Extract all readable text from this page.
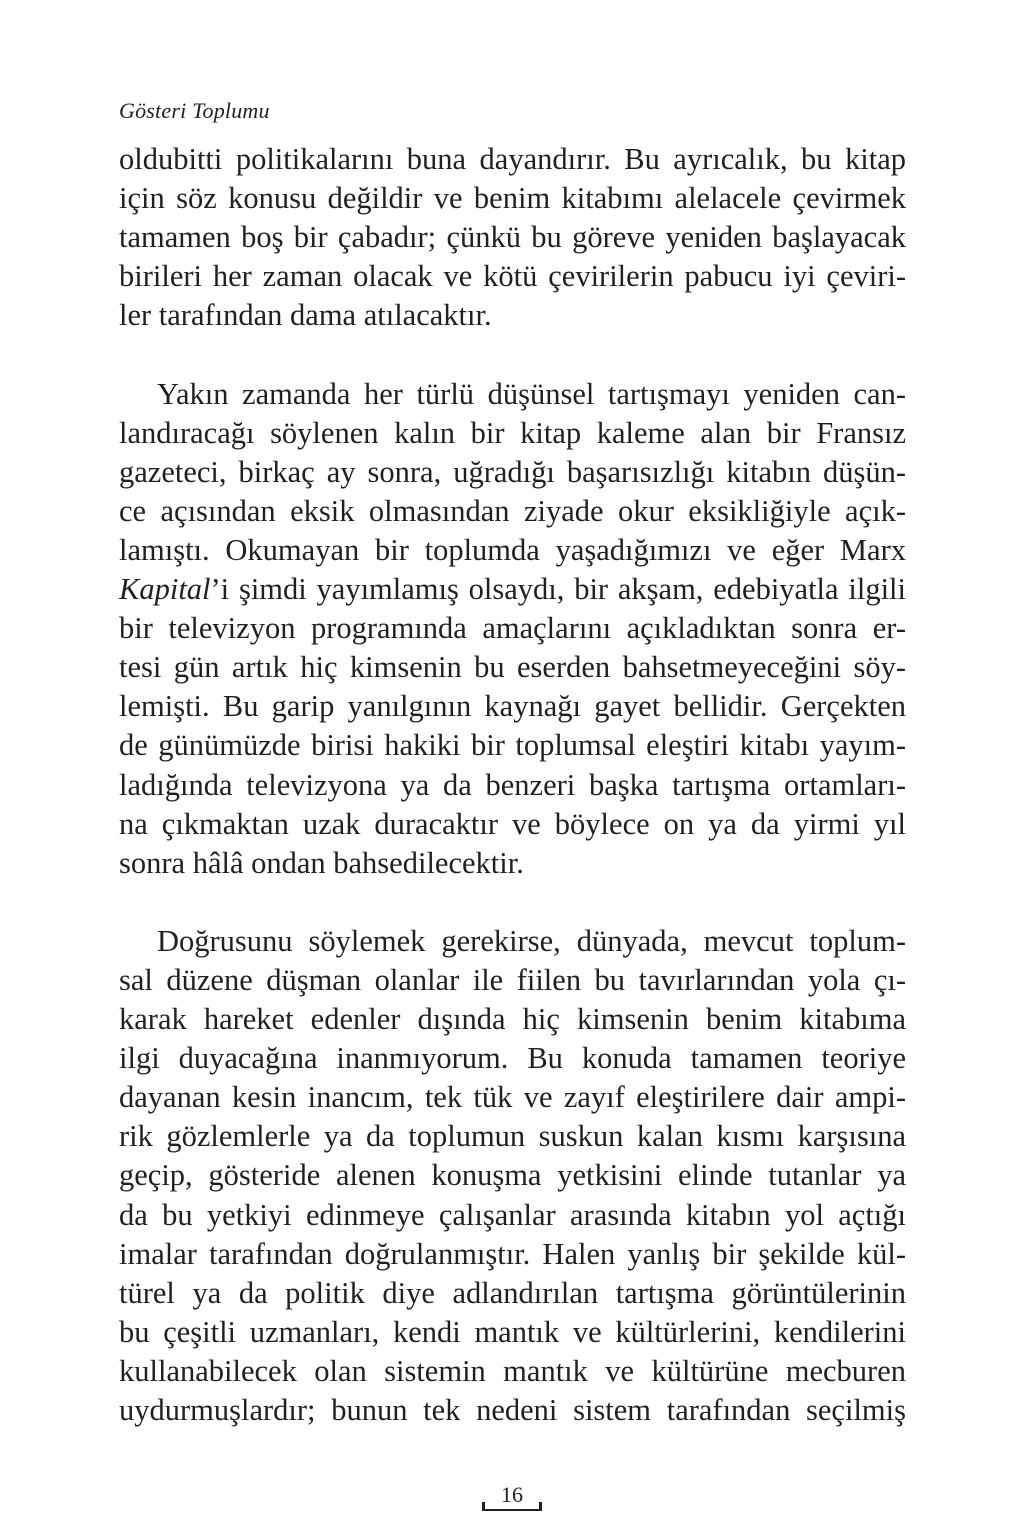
Gösteri Toplumu
oldubitti politikalarını buna dayandırır. Bu ayrıcalık, bu kitap
için söz konusu değildir ve benim kitabımı alelacele çevirmek
tamamen boş bir çabadır; çünkü bu göreve yeniden başlayacak
birileri her zaman olacak ve kötü çevirilerin pabucu iyi çeviri-
ler tarafından dama atılacaktır.
Yakın zamanda her türlü düşünsel tartışmayı yeniden can-
landıracağı söylenen kalın bir kitap kaleme alan bir Fransız
gazeteci, birkaç ay sonra, uğradığı başarısızlığı kitabın düşün-
ce açısından eksik olmasından ziyade okur eksikliğiyle açık-
lamıştı. Okumayan bir toplumda yaşadığımızı ve eğer Marx
Kapital’i şimdi yayımlamış olsaydı, bir akşam, edebiyatla ilgili
bir televizyon programında amaçlarını açıkladıktan sonra er-
tesi gün artık hiç kimsenin bu eserden bahsetmeyeceğini söy-
lemişti. Bu garip yanılgının kaynağı gayet bellidir. Gerçekten
de günümüzde birisi hakiki bir toplumsal eleştiri kitabı yayım-
ladığında televizyona ya da benzeri başka tartışma ortamları-
na çıkmaktan uzak duracaktır ve böylece on ya da yirmi yıl
sonra hâlâ ondan bahsedilecektir.
Doğrusunu söylemek gerekirse, dünyada, mevcut toplum-
sal düzene düşman olanlar ile fiilen bu tavırlarından yola çı-
karak hareket edenler dışında hiç kimsenin benim kitabıma
ilgi duyacağına inanmıyorum. Bu konuda tamamen teoriye
dayanan kesin inancım, tek tük ve zayıf eleştirilere dair ampi-
rik gözlemlerle ya da toplumun suskun kalan kısmı karşısına
geçip, gösteride alenen konuşma yetkisini elinde tutanlar ya
da bu yetkiyi edinmeye çalışanlar arasında kitabın yol açtığı
imalar tarafından doğrulanmıştır. Halen yanlış bir şekilde kül-
türel ya da politik diye adlandırılan tartışma görüntülerinin
bu çeşitli uzmanları, kendi mantık ve kültürlerini, kendilerini
kullanabilecek olan sistemin mantık ve kültürüne mecburen
uydurmuşlardır; bunun tek nedeni sistem tarafından seçilmiş
16
